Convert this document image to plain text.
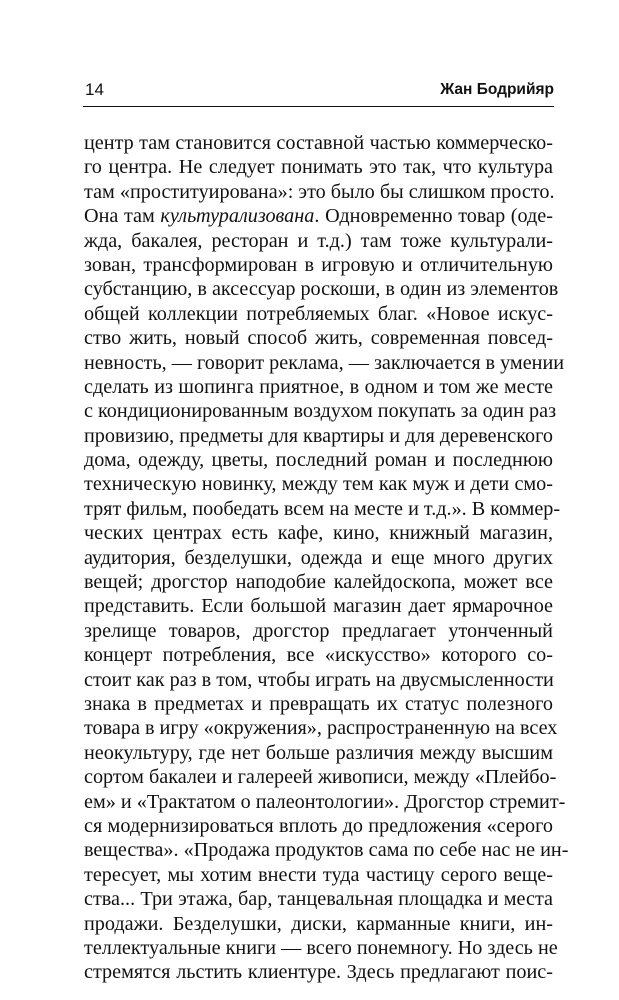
14	Жан Бодрийяр
центр там становится составной частью коммерческо-
го центра. Не следует понимать это так, что культура
там «проституирована»: это было бы слишком просто.
Она там культурализована. Одновременно товар (оде-
жда, бакалея, ресторан и т.д.) там тоже культурали-
зован, трансформирован в игровую и отличительную
субстанцию, в аксессуар роскоши, в один из элементов
общей коллекции потребляемых благ. «Новое искус-
ство жить, новый способ жить, современная повсед-
невность, — говорит реклама, — заключается в умении
сделать из шопинга приятное, в одном и том же месте
с кондиционированным воздухом покупать за один раз
провизию, предметы для квартиры и для деревенского
дома, одежду, цветы, последний роман и последнюю
техническую новинку, между тем как муж и дети смо-
трят фильм, пообедать всем на месте и т.д.». В коммер-
ческих центрах есть кафе, кино, книжный магазин,
аудитория, безделушки, одежда и еще много других
вещей; дрогстор наподобие калейдоскопа, может все
представить. Если большой магазин дает ярмарочное
зрелище товаров, дрогстор предлагает утонченный
концерт потребления, все «искусство» которого со-
стоит как раз в том, чтобы играть на двусмысленности
знака в предметах и превращать их статус полезного
товара в игру «окружения», распространенную на всех
неокультуру, где нет больше различия между высшим
сортом бакалеи и галереей живописи, между «Плейбо-
ем» и «Трактатом о палеонтологии». Дрогстор стремит-
ся модернизироваться вплоть до предложения «серого
вещества». «Продажа продуктов сама по себе нас не ин-
тересует, мы хотим внести туда частицу серого веще-
ства... Три этажа, бар, танцевальная площадка и места
продажи. Безделушки, диски, карманные книги, ин-
теллектуальные книги — всего понемногу. Но здесь не
стремятся льстить клиентуре. Здесь предлагают поис-
